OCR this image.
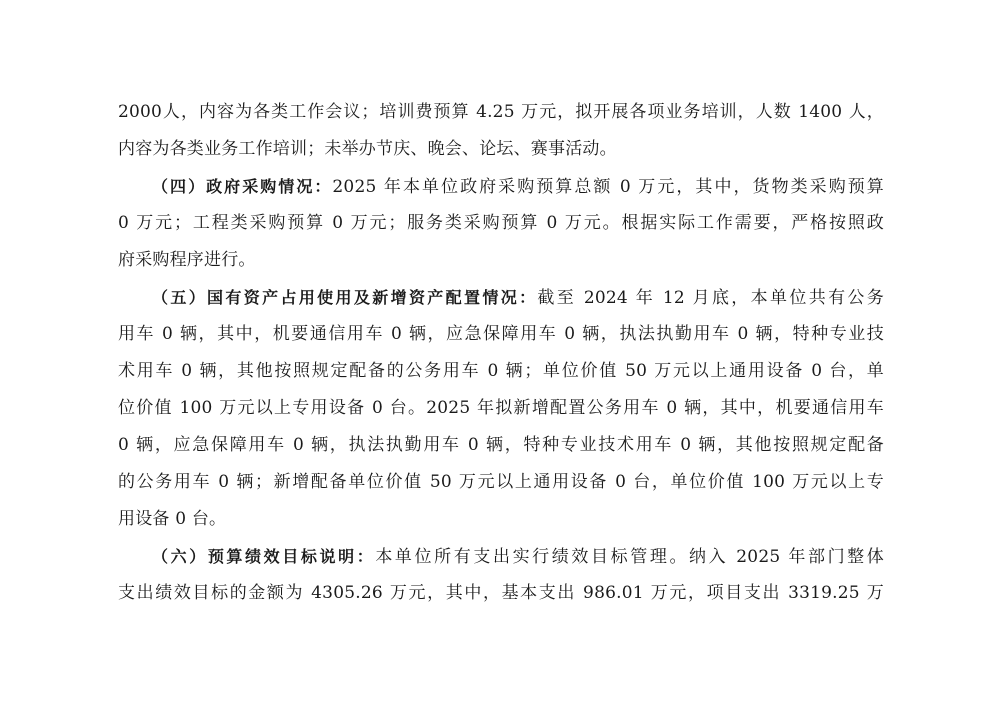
2000人，内容为各类工作会议；培训费预算 4.25 万元，拟开展各项业务培训，人数 1400 人，
内容为各类业务工作培训；未举办节庆、晚会、论坛、赛事活动。
（四）政府采购情况：2025 年本单位政府采购预算总额 0 万元，其中，货物类采购预算
0 万元；工程类采购预算 0 万元；服务类采购预算 0 万元。根据实际工作需要，严格按照政
府采购程序进行。
（五）国有资产占用使用及新增资产配置情况：截至 2024 年 12 月底，本单位共有公务
用车 0 辆，其中，机要通信用车 0 辆，应急保障用车 0 辆，执法执勤用车 0 辆，特种专业技
术用车 0 辆，其他按照规定配备的公务用车 0 辆；单位价值 50 万元以上通用设备 0 台，单
位价值 100 万元以上专用设备 0 台。2025 年拟新增配置公务用车 0 辆，其中，机要通信用车
0 辆，应急保障用车 0 辆，执法执勤用车 0 辆，特种专业技术用车 0 辆，其他按照规定配备
的公务用车 0 辆；新增配备单位价值 50 万元以上通用设备 0 台，单位价值 100 万元以上专
用设备 0 台。
（六）预算绩效目标说明：本单位所有支出实行绩效目标管理。纳入 2025 年部门整体
支出绩效目标的金额为 4305.26 万元，其中，基本支出 986.01 万元，项目支出 3319.25 万
